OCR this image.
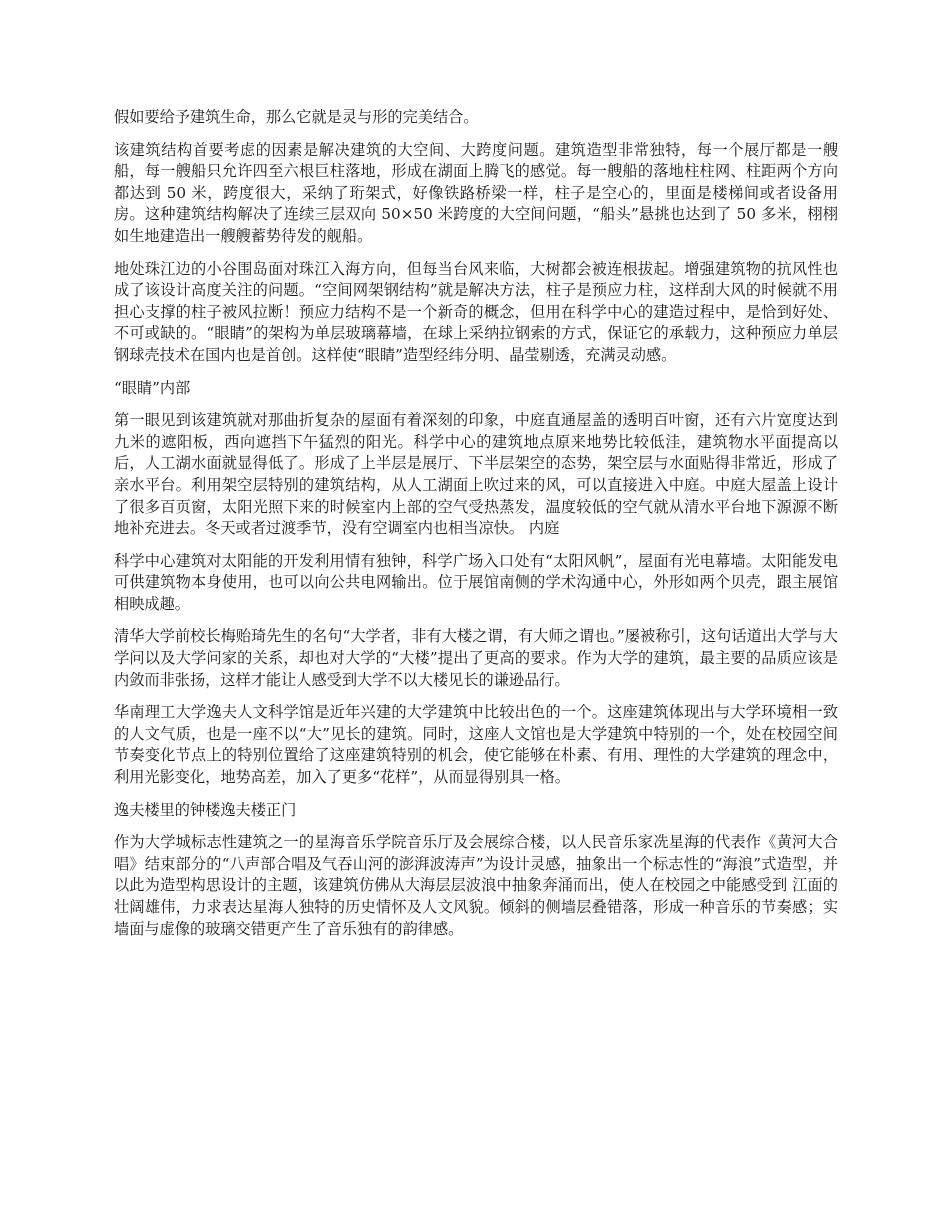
假如要给予建筑生命，那么它就是灵与形的完美结合。

该建筑结构首要考虑的因素是解决建筑的大空间、大跨度问题。建筑造型非常独特，每一个展厅都是一艘船，每一艘船只允许四至六根巨柱落地，形成在湖面上腾飞的感觉。每一艘船的落地柱柱网、柱距两个方向都达到 50 米，跨度很大，采纳了珩架式，好像铁路桥梁一样，柱子是空心的，里面是楼梯间或者设备用房。这种建筑结构解决了连续三层双向 50×50 米跨度的大空间问题，“船头”悬挑也达到了 50 多米，栩栩如生地建造出一艘艘蓄势待发的舰船。

地处珠江边的小谷围岛面对珠江入海方向，但每当台风来临，大树都会被连根拔起。增强建筑物的抗风性也成了该设计高度关注的问题。“空间网架钢结构”就是解决方法，柱子是预应力柱，这样刮大风的时候就不用担心支撑的柱子被风拉断！预应力结构不是一个新奇的概念，但用在科学中心的建造过程中，是恰到好处、不可或缺的。“眼睛”的架构为单层玻璃幕墙，在球上采纳拉钢索的方式，保证它的承载力，这种预应力单层钢球壳技术在国内也是首创。这样使“眼睛”造型经纬分明、晶莹剔透，充满灵动感。

“眼睛”内部

第一眼见到该建筑就对那曲折复杂的屋面有着深刻的印象，中庭直通屋盖的透明百叶窗，还有六片宽度达到九米的遮阳板，西向遮挡下午猛烈的阳光。科学中心的建筑地点原来地势比较低洼，建筑物水平面提高以后，人工湖水面就显得低了。形成了上半层是展厅、下半层架空的态势，架空层与水面贴得非常近，形成了亲水平台。利用架空层特别的建筑结构，从人工湖面上吹过来的风，可以直接进入中庭。中庭大屋盖上设计了很多百页窗，太阳光照下来的时候室内上部的空气受热蒸发，温度较低的空气就从清水平台地下源源不断地补充进去。冬天或者过渡季节，没有空调室内也相当凉快。 内庭

科学中心建筑对太阳能的开发利用情有独钟，科学广场入口处有“太阳风帆”，屋面有光电幕墙。太阳能发电可供建筑物本身使用，也可以向公共电网输出。位于展馆南侧的学术沟通中心，外形如两个贝壳，跟主展馆相映成趣。

清华大学前校长梅贻琦先生的名句“大学者，非有大楼之谓，有大师之谓也。”屡被称引，这句话道出大学与大学问以及大学问家的关系，却也对大学的“大楼”提出了更高的要求。作为大学的建筑，最主要的品质应该是内敛而非张扬，这样才能让人感受到大学不以大楼见长的谦逊品行。

华南理工大学逸夫人文科学馆是近年兴建的大学建筑中比较出色的一个。这座建筑体现出与大学环境相一致的人文气质，也是一座不以“大”见长的建筑。同时，这座人文馆也是大学建筑中特别的一个，处在校园空间节奏变化节点上的特别位置给了这座建筑特别的机会，使它能够在朴素、有用、理性的大学建筑的理念中，利用光影变化，地势高差，加入了更多“花样”，从而显得别具一格。

逸夫楼里的钟楼逸夫楼正门

作为大学城标志性建筑之一的星海音乐学院音乐厅及会展综合楼，以人民音乐家冼星海的代表作《黄河大合唱》结束部分的“八声部合唱及气吞山河的澎湃波涛声”为设计灵感，抽象出一个标志性的“海浪”式造型，并以此为造型构思设计的主题，该建筑仿佛从大海层层波浪中抽象奔涌而出，使人在校园之中能感受到 江面的壮阔雄伟，力求表达星海人独特的历史情怀及人文风貌。倾斜的侧墙层叠错落，形成一种音乐的节奏感；实墙面与虚像的玻璃交错更产生了音乐独有的韵律感。
